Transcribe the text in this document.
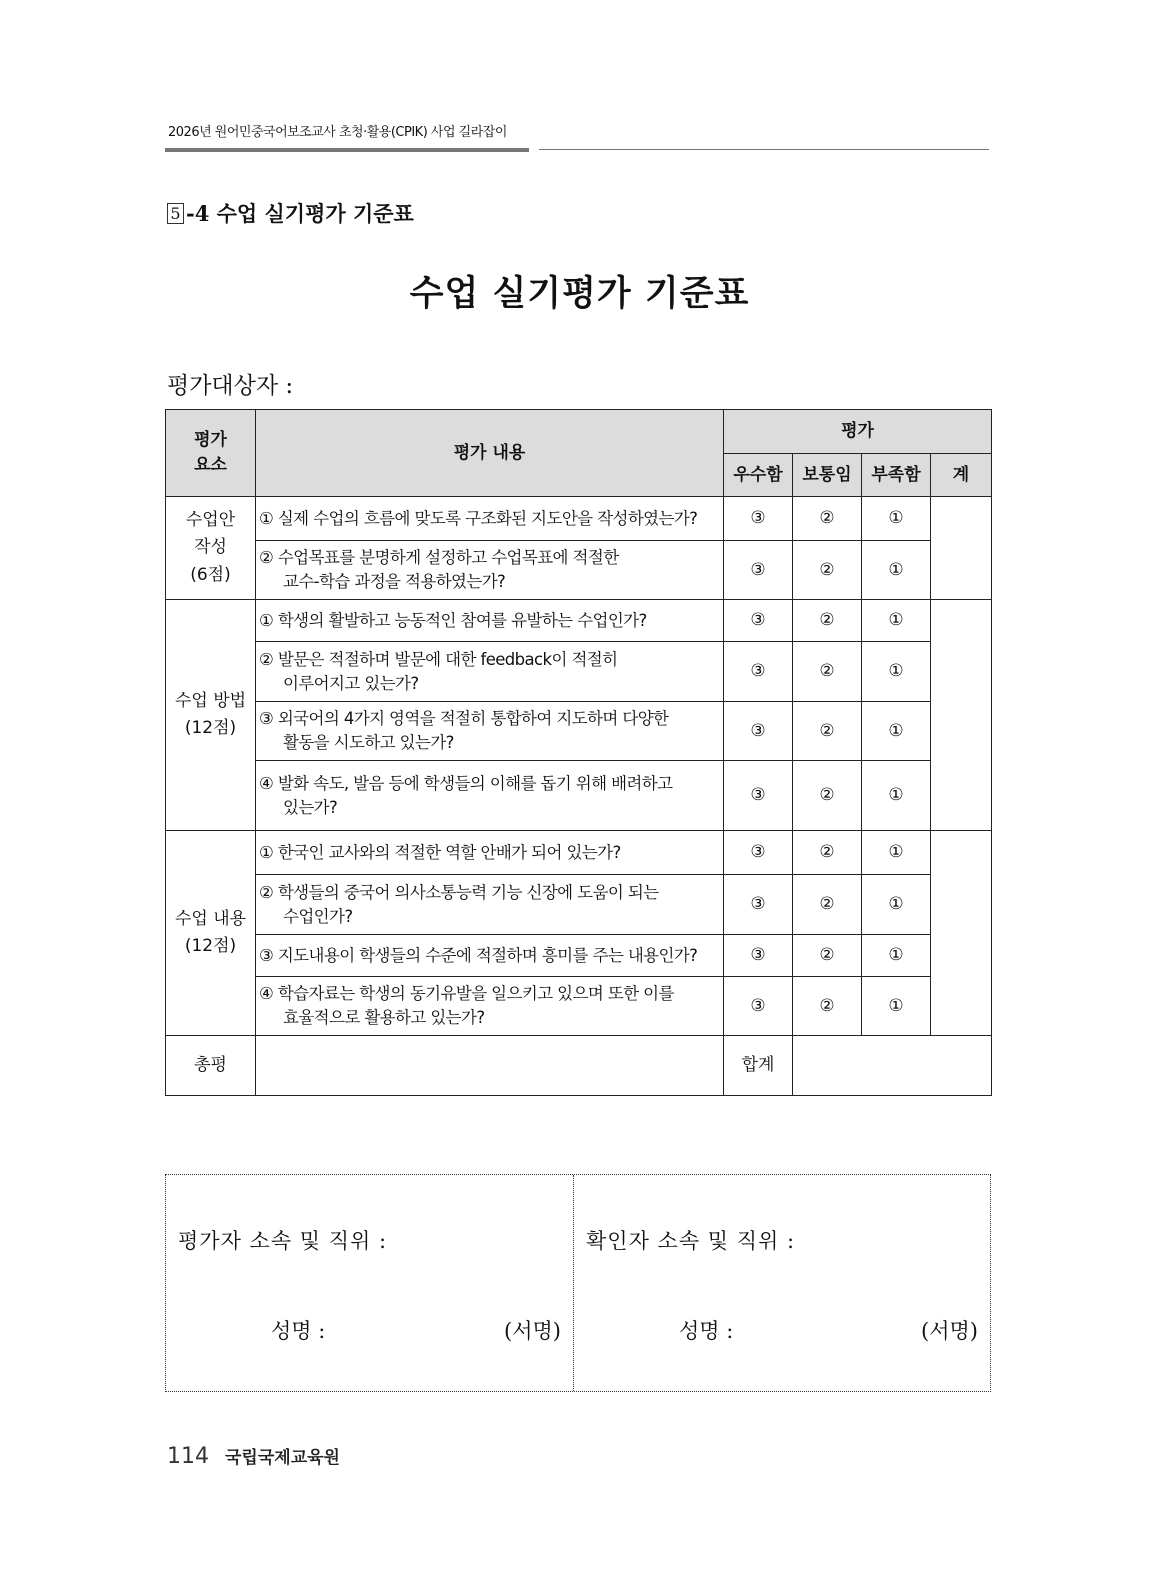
2026년 원어민중국어보조교사 초청·활용(CPIK) 사업 길라잡이
5 -4 수업 실기평가 기준표
수업 실기평가 기준표
평가대상자 :
평가
요소	평가 내용	평가			
		우수함	보통임	부족함	계
수업안
작성
(6점)	① 실제 수업의 흐름에 맞도록 구조화된 지도안을 작성하였는가?	③	②	①	
	② 수업목표를 분명하게 설정하고 수업목표에 적절한
교수-학습 과정을 적용하였는가?	③	②	①	
수업 방법
(12점)	① 학생의 활발하고 능동적인 참여를 유발하는 수업인가?	③	②	①	
	② 발문은 적절하며 발문에 대한 feedback이 적절히
이루어지고 있는가?	③	②	①	
	③ 외국어의 4가지 영역을 적절히 통합하여 지도하며 다양한
활동을 시도하고 있는가?	③	②	①	
	④ 발화 속도, 발음 등에 학생들의 이해를 돕기 위해 배려하고
있는가?	③	②	①	
수업 내용
(12점)	① 한국인 교사와의 적절한 역할 안배가 되어 있는가?	③	②	①	
	② 학생들의 중국어 의사소통능력 기능 신장에 도움이 되는
수업인가?	③	②	①	
	③ 지도내용이 학생들의 수준에 적절하며 흥미를 주는 내용인가?	③	②	①	
	④ 학습자료는 학생의 동기유발을 일으키고 있으며 또한 이를
효율적으로 활용하고 있는가?	③	②	①	
총평		합계			
평가자 소속 및 직위 :
성명 :	(서명)
확인자 소속 및 직위 :
성명 :	(서명)
114 국립국제교육원
